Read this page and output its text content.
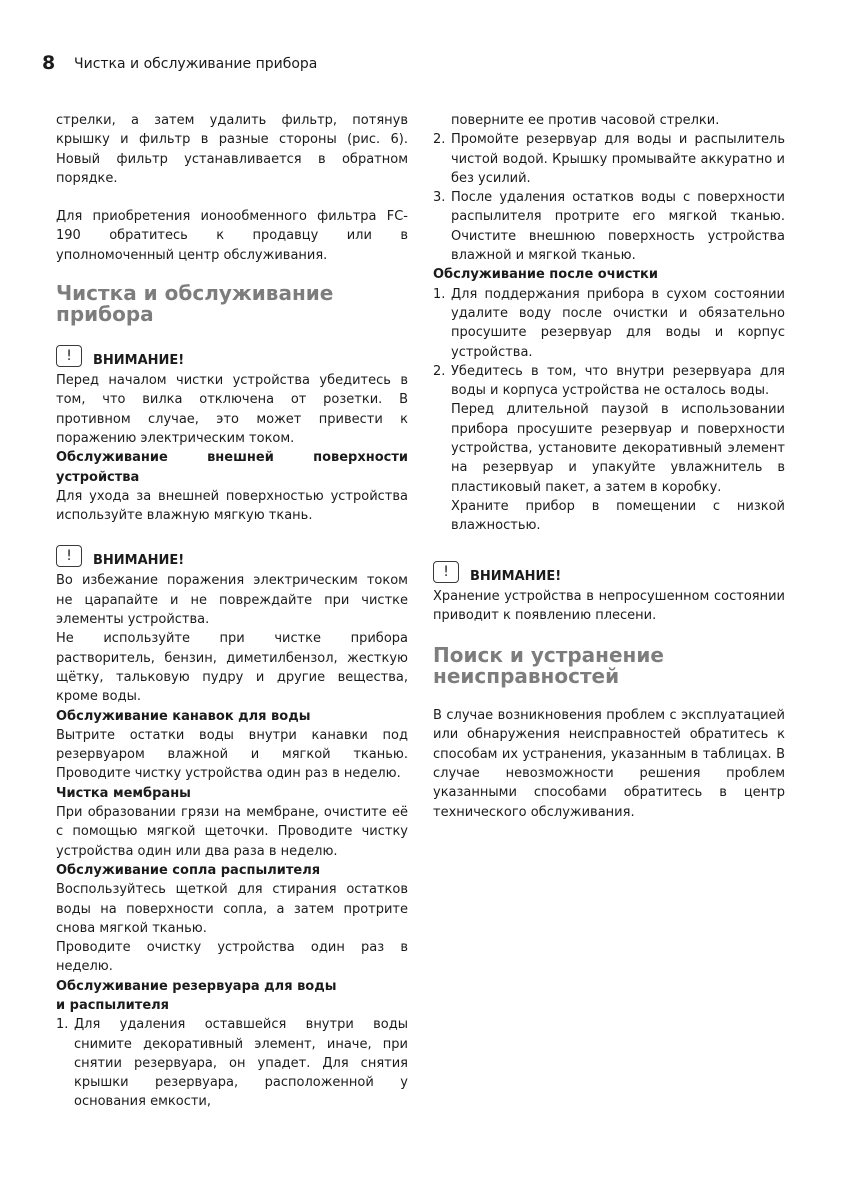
8 Чистка и обслуживание прибора

стрелки, а затем удалить фильтр, потянув крышку и фильтр в разные стороны (рис. 6). Новый фильтр устанавливается в обратном порядке.

Для приобретения ионообменного фильтра FC-190 обратитесь к продавцу или в уполномоченный центр обслуживания.

Чистка и обслуживание прибора
!	ВНИМАНИЕ!

Перед началом чистки устройства убедитесь в том, что вилка отключена от розетки. В противном случае, это может привести к поражению электрическим током.

Обслуживание внешней поверхности устройства

Для ухода за внешней поверхностью устройства используйте влажную мягкую ткань.

!	ВНИМАНИЕ!

Во избежание поражения электрическим током не царапайте и не повреждайте при чистке элементы устройства.

Не используйте при чистке прибора растворитель, бензин, диметилбензол, жесткую щётку, тальковую пудру и другие вещества, кроме воды.

Обслуживание канавок для воды

Вытрите остатки воды внутри канавки под резервуаром влажной и мягкой тканью. Проводите чистку устройства один раз в неделю.

Чистка мембраны

При образовании грязи на мембране, очистите её с помощью мягкой щеточки. Проводите чистку устройства один или два раза в неделю.

Обслуживание сопла распылителя

Воспользуйтесь щеткой для стирания остатков воды на поверхности сопла, а затем протрите снова мягкой тканью.

Проводите очистку устройства один раз в неделю.

Обслуживание резервуара для воды

и распылителя

1. Для удаления оставшейся внутри воды снимите декоративный элемент, иначе, при снятии резервуара, он упадет. Для снятия крышки резервуара, расположенной у основания емкости,
поверните ее против часовой стрелки.
2. Промойте резервуар для воды и распылитель чистой водой. Крышку промывайте аккуратно и без усилий.
3. После удаления остатков воды с поверхности распылителя протрите его мягкой тканью. Очистите внешнюю поверхность устройства влажной и мягкой тканью.

Обслуживание после очистки

1. Для поддержания прибора в сухом состоянии удалите воду после очистки и обязательно просушите резервуар для воды и корпус устройства.
2. Убедитесь в том, что внутри резервуара для воды и корпуса устройства не осталось воды.
Перед длительной паузой в использовании прибора просушите резервуар и поверхности устройства, установите декоративный элемент на резервуар и упакуйте увлажнитель в пластиковый пакет, а затем в коробку.
Храните прибор в помещении с низкой влажностью.
!	ВНИМАНИЕ!

Хранение устройства в непросушенном состоянии приводит к появлению плесени.

Поиск и устранение
неисправностей

В случае возникновения проблем с эксплуатацией или обнаружения неисправностей обратитесь к способам их устранения, указанным в таблицах. В случае невозможности решения проблем указанными способами обратитесь в центр технического обслуживания.
